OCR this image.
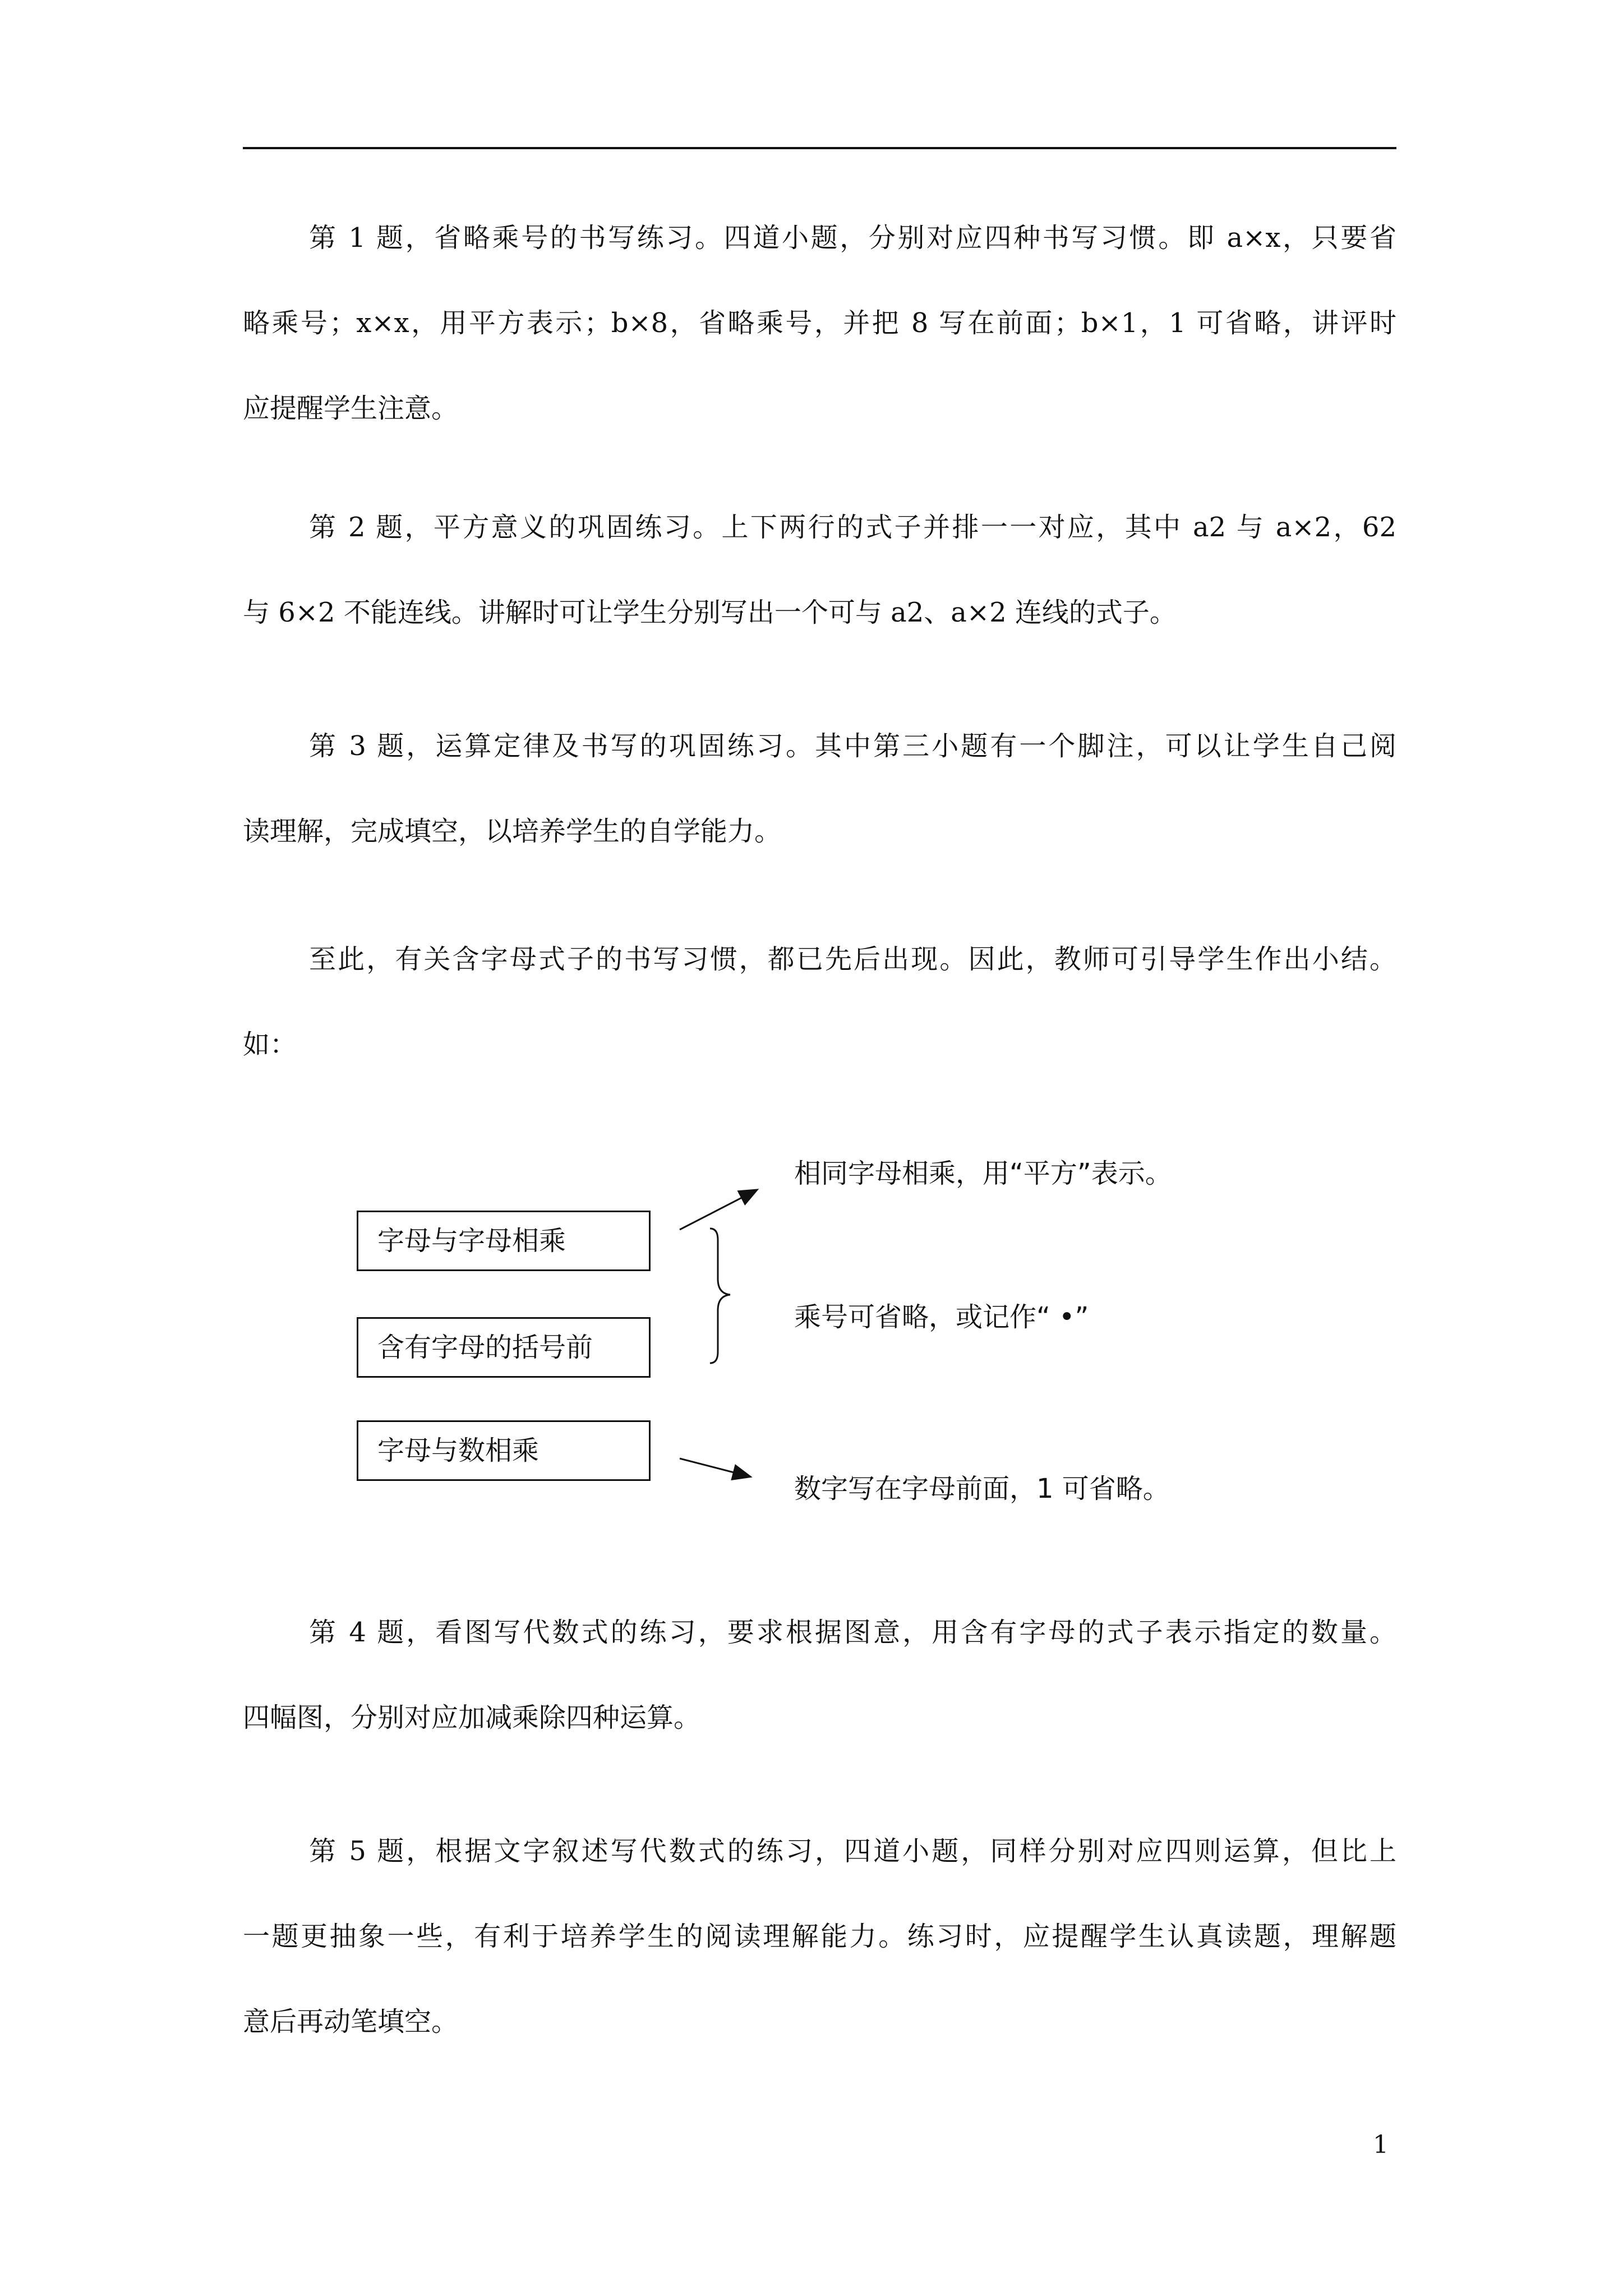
第 1 题，省略乘号的书写练习。四道小题，分别对应四种书写习惯。即 a×x，只要省
略乘号；x×x，用平方表示；b×8，省略乘号，并把 8 写在前面；b×1，1 可省略，讲评时
应提醒学生注意。
第 2 题，平方意义的巩固练习。上下两行的式子并排一一对应，其中 a2 与 a×2，62
与 6×2 不能连线。讲解时可让学生分别写出一个可与 a2、a×2 连线的式子。
第 3 题，运算定律及书写的巩固练习。其中第三小题有一个脚注，可以让学生自己阅
读理解，完成填空，以培养学生的自学能力。
至此，有关含字母式子的书写习惯，都已先后出现。因此，教师可引导学生作出小结。
如：
字母与字母相乘
含有字母的括号前
字母与数相乘
相同字母相乘，用“平方”表示。
乘号可省略，或记作“ •”
数字写在字母前面，1 可省略。
第 4 题，看图写代数式的练习，要求根据图意，用含有字母的式子表示指定的数量。
四幅图，分别对应加减乘除四种运算。
第 5 题，根据文字叙述写代数式的练习，四道小题，同样分别对应四则运算，但比上
一题更抽象一些，有利于培养学生的阅读理解能力。练习时，应提醒学生认真读题，理解题
意后再动笔填空。
1
